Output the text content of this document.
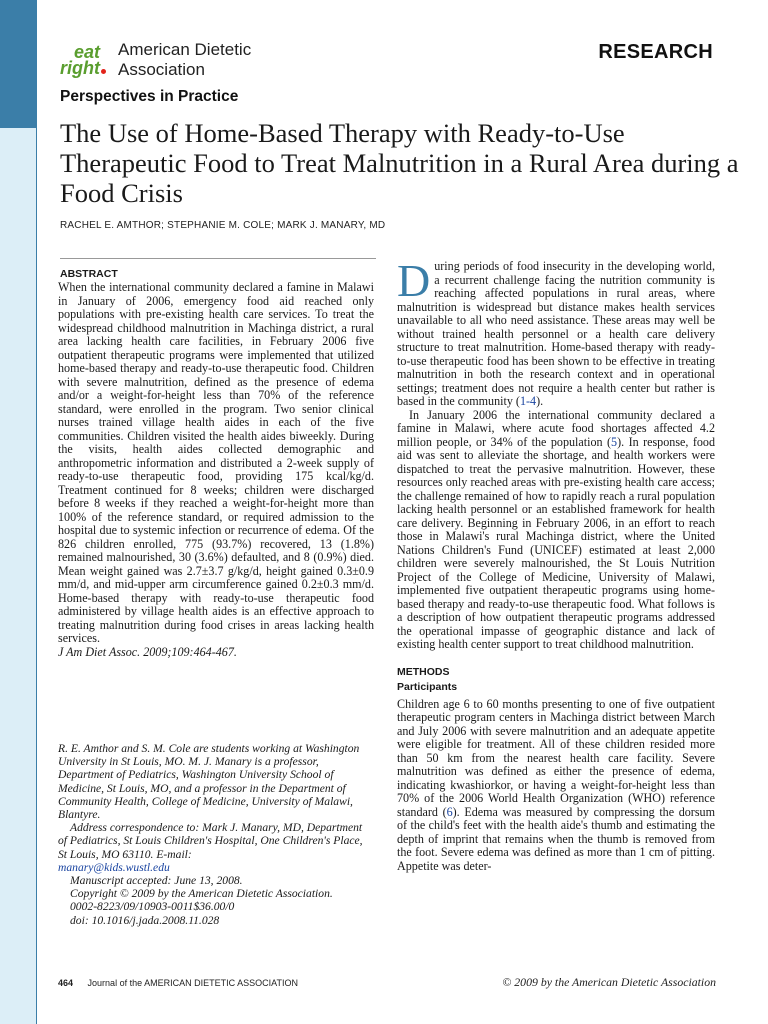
eat
right
American Dietetic
Association
RESEARCH
Perspectives in Practice
The Use of Home-Based Therapy with Ready-to-Use Therapeutic Food to Treat Malnutrition in a Rural Area during a Food Crisis
RACHEL E. AMTHOR; STEPHANIE M. COLE; MARK J. MANARY, MD
ABSTRACT

When the international community declared a famine in Malawi in January of 2006, emergency food aid reached only populations with pre-existing health care services. To treat the widespread childhood malnutrition in Machinga district, a rural area lacking health care facilities, in February 2006 five outpatient therapeutic programs were implemented that utilized home-based therapy and ready-to-use therapeutic food. Children with severe malnutrition, defined as the presence of edema and/or a weight-for-height less than 70% of the reference standard, were enrolled in the program. Two senior clinical nurses trained village health aides in each of the five communities. Children visited the health aides biweekly. During the visits, health aides collected demographic and anthropometric information and distributed a 2-week supply of ready-to-use therapeutic food, providing 175 kcal/kg/d. Treatment continued for 8 weeks; children were discharged before 8 weeks if they reached a weight-for-height more than 100% of the reference standard, or required admission to the hospital due to systemic infection or recurrence of edema. Of the 826 children enrolled, 775 (93.7%) recovered, 13 (1.8%) remained malnourished, 30 (3.6%) defaulted, and 8 (0.9%) died. Mean weight gained was 2.7±3.7 g/kg/d, height gained 0.3±0.9 mm/d, and mid-upper arm circumference gained 0.2±0.3 mm/d. Home-based therapy with ready-to-use therapeutic food administered by village health aides is an effective approach to treating malnutrition during food crises in areas lacking health services.

J Am Diet Assoc. 2009;109:464-467.

R. E. Amthor and S. M. Cole are students working at Washington University in St Louis, MO. M. J. Manary is a professor, Department of Pediatrics, Washington University School of Medicine, St Louis, MO, and a professor in the Department of Community Health, College of Medicine, University of Malawi, Blantyre.

Address correspondence to: Mark J. Manary, MD, Department of Pediatrics, St Louis Children's Hospital, One Children's Place, St Louis, MO 63110. E-mail:
manary@kids.wustl.edu

Manuscript accepted: June 13, 2008.

Copyright © 2009 by the American Dietetic Association.

0002-8223/09/10903-0011$36.00/0

doi: 10.1016/j.jada.2008.11.028

During periods of food insecurity in the developing world, a recurrent challenge facing the nutrition community is reaching affected populations in rural areas, where malnutrition is widespread but distance makes health services unavailable to all who need assistance. These areas may well be without trained health personnel or a health care delivery structure to treat malnutrition. Home-based therapy with ready-to-use therapeutic food has been shown to be effective in treating malnutrition in both the research context and in operational settings; treatment does not require a health center but rather is based in the community (1-4).

In January 2006 the international community declared a famine in Malawi, where acute food shortages affected 4.2 million people, or 34% of the population (5). In response, food aid was sent to alleviate the shortage, and health workers were dispatched to treat the pervasive malnutrition. However, these resources only reached areas with pre-existing health care access; the challenge remained of how to rapidly reach a rural population lacking health personnel or an established framework for health care delivery. Beginning in February 2006, in an effort to reach those in Malawi's rural Machinga district, where the United Nations Children's Fund (UNICEF) estimated at least 2,000 children were severely malnourished, the St Louis Nutrition Project of the College of Medicine, University of Malawi, implemented five outpatient therapeutic programs using home-based therapy and ready-to-use therapeutic food. What follows is a description of how outpatient therapeutic programs addressed the operational impasse of geographic distance and lack of existing health center support to treat childhood malnutrition.

METHODS
Participants

Children age 6 to 60 months presenting to one of five outpatient therapeutic program centers in Machinga district between March and July 2006 with severe malnutrition and an adequate appetite were eligible for treatment. All of these children resided more than 50 km from the nearest health care facility. Severe malnutrition was defined as either the presence of edema, indicating kwashiorkor, or having a weight-for-height less than 70% of the 2006 World Health Organization (WHO) reference standard (6). Edema was measured by compressing the dorsum of the child's feet with the health aide's thumb and estimating the depth of imprint that remains when the thumb is removed from the foot. Severe edema was defined as more than 1 cm of pitting. Appetite was deter-

464 Journal of the AMERICAN DIETETIC ASSOCIATION	© 2009 by the American Dietetic Association
